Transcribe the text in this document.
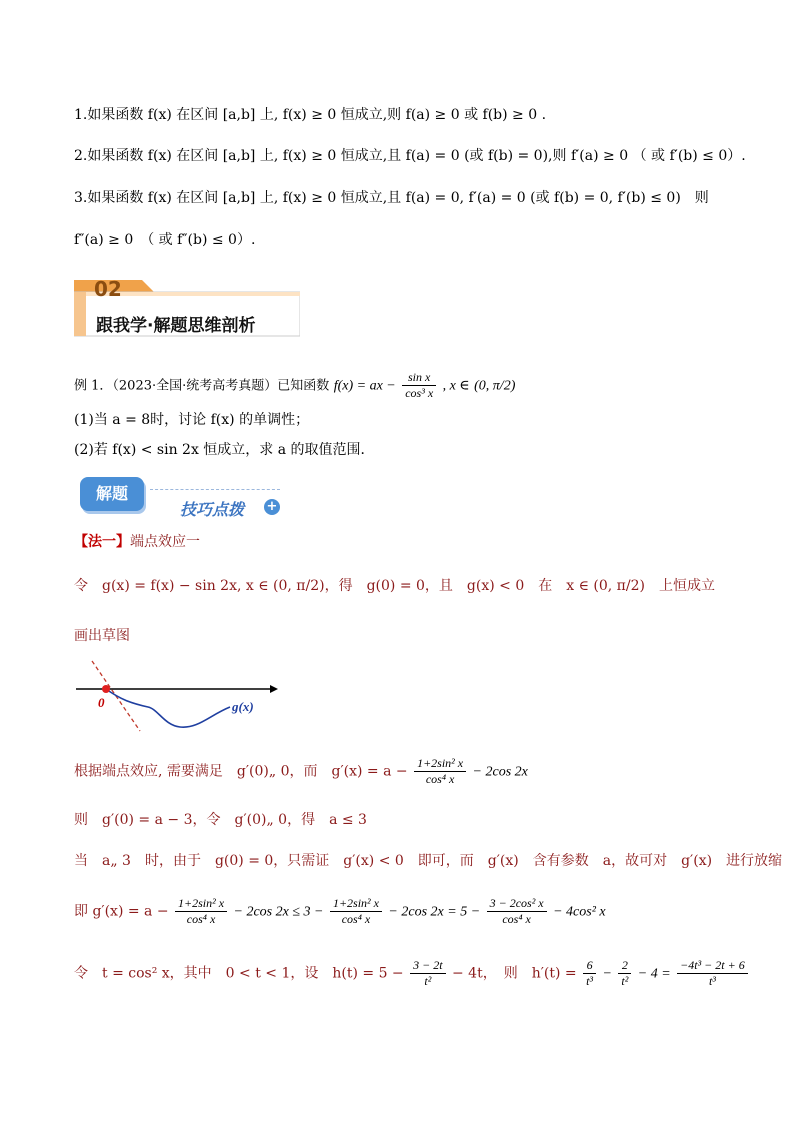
1.如果函数 f(x) 在区间 [a,b] 上, f(x) ≥ 0 恒成立,则 f(a) ≥ 0 或 f(b) ≥ 0 .
2.如果函数 f(x) 在区间 [a,b] 上, f(x) ≥ 0 恒成立,且 f(a) = 0 (或 f(b) = 0),则 f′(a) ≥ 0 （ 或 f′(b) ≤ 0）.
3.如果函数 f(x) 在区间 [a,b] 上, f(x) ≥ 0 恒成立,且 f(a) = 0, f′(a) = 0 (或 f(b) = 0, f′(b) ≤ 0)　则
f″(a) ≥ 0　（ 或 f″(b) ≤ 0）.
02
跟我学·解题思维剖析
例 1．（2023·全国·统考高考真题）已知函数 f(x) = ax − $\frac{\text{sin x}}{\text{cos³ x}}$ , x ∈ (0, π/2)
(1)当 a = 8时，讨论 f(x) 的单调性；
(2)若 f(x) < sin 2x 恒成立，求 a 的取值范围．
解题
技巧点拨 +
【法一】端点效应一
令　g(x) = f(x) − sin 2x, x ∈ (0, π/2)，得　g(0) = 0，且　g(x) < 0　在　x ∈ (0, π/2)　上恒成立
画出草图
0	g(x)
根据端点效应, 需要满足　g′(0)„ 0，而　$g'(x) = a - \frac{\text{1+2sin² x}}{\text{cos⁴ x}} - 2\cos$ 2x
则　g′(0) = a − 3，令　g′(0)„ 0，得　a ≤ 3
当　a„ 3　时，由于　g(0) = 0，只需证　g′(x) < 0　即可，而　g′(x)　含有参数　a，故可对　g′(x)　进行放缩
即 $g'(x) = a - \frac{\text{1+2sin² x}}{\text{cos⁴ x}} - 2\cos$ $2x \le 3 - \frac{\text{1+2sin² x}}{\text{cos⁴ x}} - 2\cos$ $2x = 5 - \frac{\text{3 − 2cos² x}}{\text{cos⁴ x}} - 4\cos^2$ x
令　t = cos² x，其中　0 < t < 1，设　$h(t) = 5 - \frac{3 - 2t}{\text{t²}} - 4t$，　则　$h'(t) = \frac{6}{\text{t³}} - \frac{2}{\text{t²}} - 4 = \frac{\text{−4t³ − 2t + 6}}{\text{t³}}$
